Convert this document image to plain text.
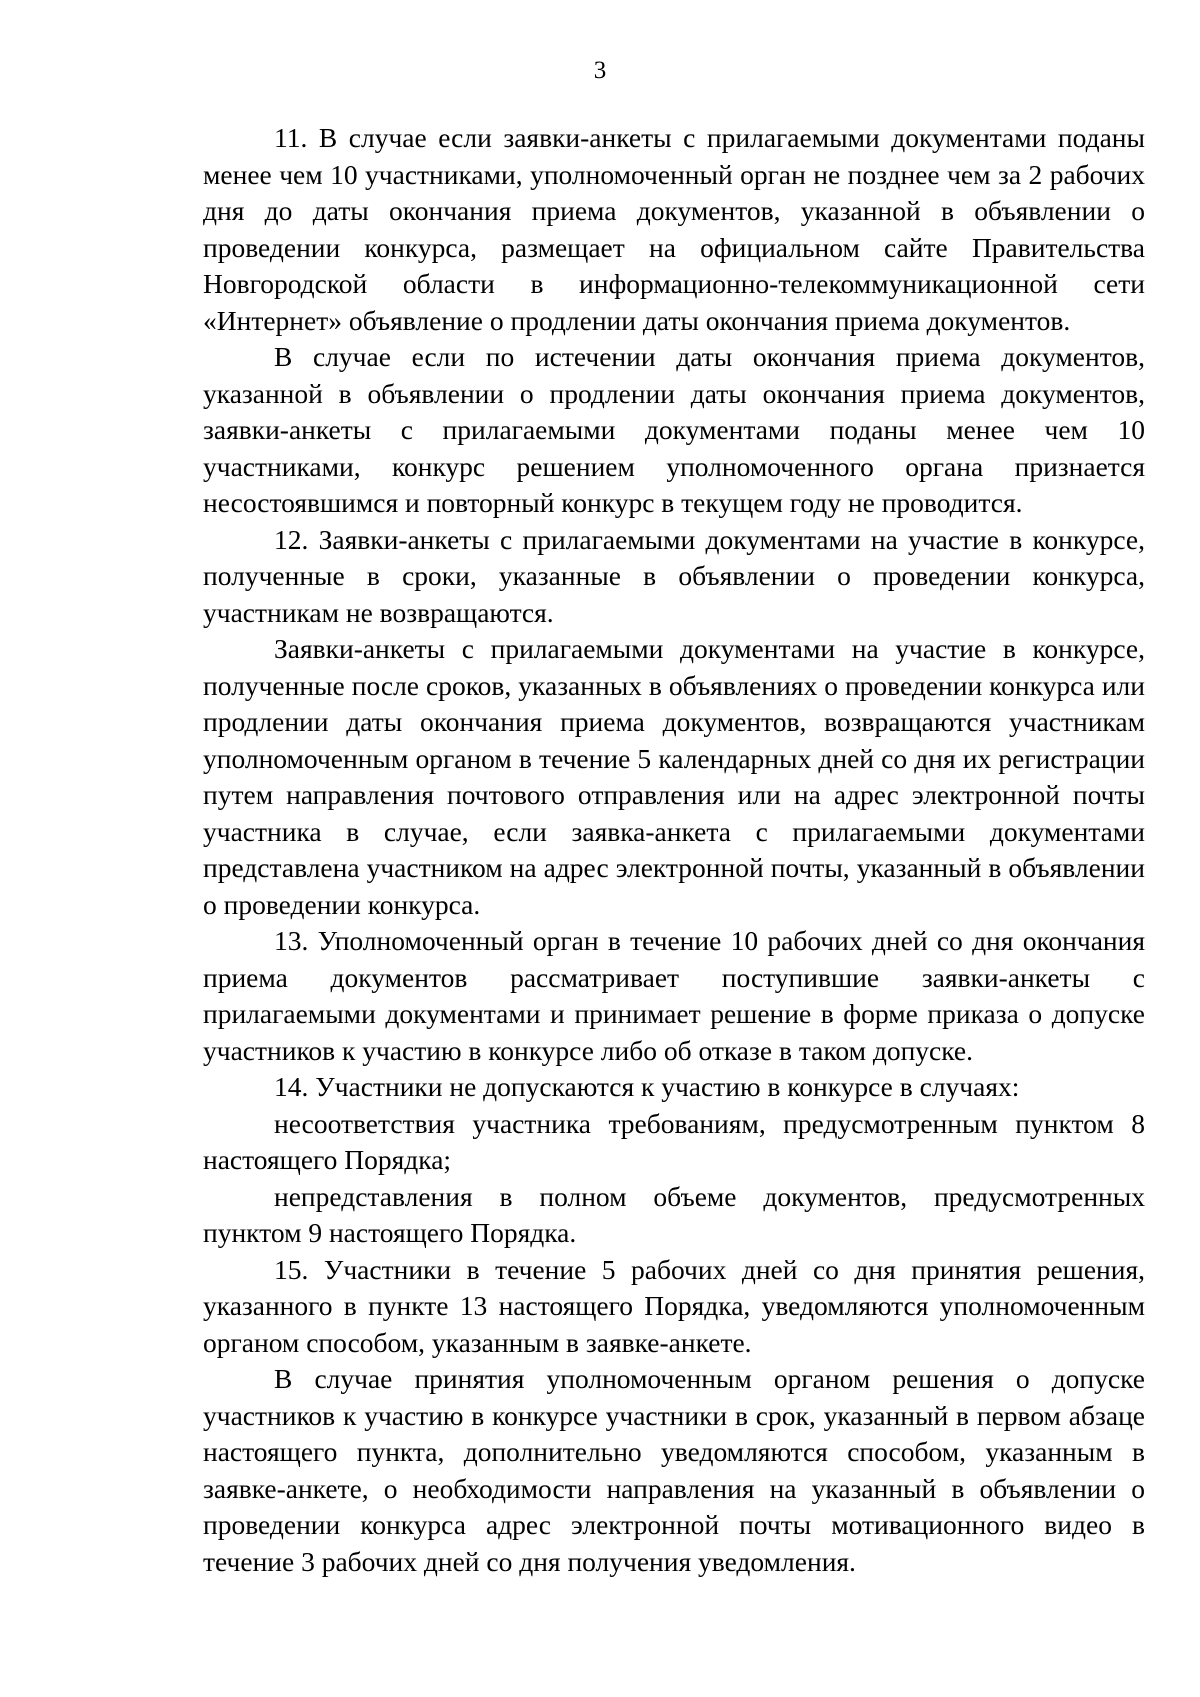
3

11. В случае если заявки-анкеты с прилагаемыми документами поданы менее чем 10 участниками, уполномоченный орган не позднее чем за 2 рабочих дня до даты окончания приема документов, указанной в объявлении о проведении конкурса, размещает на официальном сайте Правительства Новгородской области в информационно-телекоммуникационной сети «Интернет» объявление о продлении даты окончания приема документов.

В случае если по истечении даты окончания приема документов, указанной в объявлении о продлении даты окончания приема документов, заявки-анкеты с прилагаемыми документами поданы менее чем 10 участниками, конкурс решением уполномоченного органа признается несостоявшимся и повторный конкурс в текущем году не проводится.

12. Заявки-анкеты с прилагаемыми документами на участие в конкурсе, полученные в сроки, указанные в объявлении о проведении конкурса, участникам не возвращаются.

Заявки-анкеты с прилагаемыми документами на участие в конкурсе, полученные после сроков, указанных в объявлениях о проведении конкурса или продлении даты окончания приема документов, возвращаются участникам уполномоченным органом в течение 5 календарных дней со дня их регистрации путем направления почтового отправления или на адрес электронной почты участника в случае, если заявка-анкета с прилагаемыми документами представлена участником на адрес электронной почты, указанный в объявлении о проведении конкурса.

13. Уполномоченный орган в течение 10 рабочих дней со дня окончания приема документов рассматривает поступившие заявки-анкеты с прилагаемыми документами и принимает решение в форме приказа о допуске участников к участию в конкурсе либо об отказе в таком допуске.

14. Участники не допускаются к участию в конкурсе в случаях:

несоответствия участника требованиям, предусмотренным пунктом 8 настоящего Порядка;

непредставления в полном объеме документов, предусмотренных пунктом 9 настоящего Порядка.

15. Участники в течение 5 рабочих дней со дня принятия решения, указанного в пункте 13 настоящего Порядка, уведомляются уполномоченным органом способом, указанным в заявке-анкете.

В случае принятия уполномоченным органом решения о допуске участников к участию в конкурсе участники в срок, указанный в первом абзаце настоящего пункта, дополнительно уведомляются способом, указанным в заявке-анкете, о необходимости направления на указанный в объявлении о проведении конкурса адрес электронной почты мотивационного видео в течение 3 рабочих дней со дня получения уведомления.
